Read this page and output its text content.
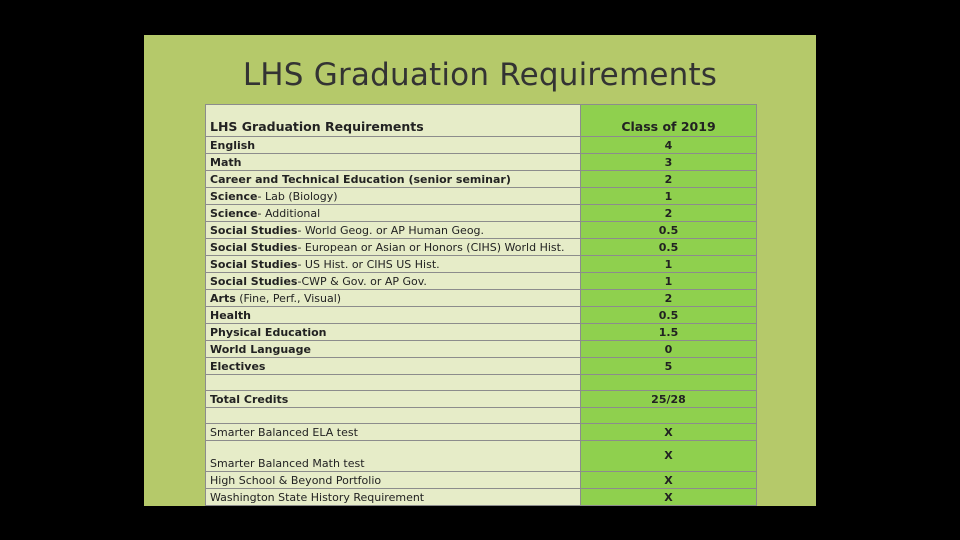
LHS Graduation Requirements
LHS Graduation Requirements	Class of 2019
English	4
Math	3
Career and Technical Education (senior seminar)	2
Science- Lab (Biology)	1
Science- Additional	2
Social Studies- World Geog. or AP Human Geog.	0.5
Social Studies- European or Asian or Honors (CIHS) World Hist.	0.5
Social Studies- US Hist. or CIHS US Hist.	1
Social Studies-CWP & Gov. or AP Gov.	1
Arts (Fine, Perf., Visual)	2
Health	0.5
Physical Education	1.5
World Language	0
Electives	5

Total Credits	25/28

Smarter Balanced ELA test	X
Smarter Balanced Math test	X
High School & Beyond Portfolio	X
Washington State History Requirement	X
